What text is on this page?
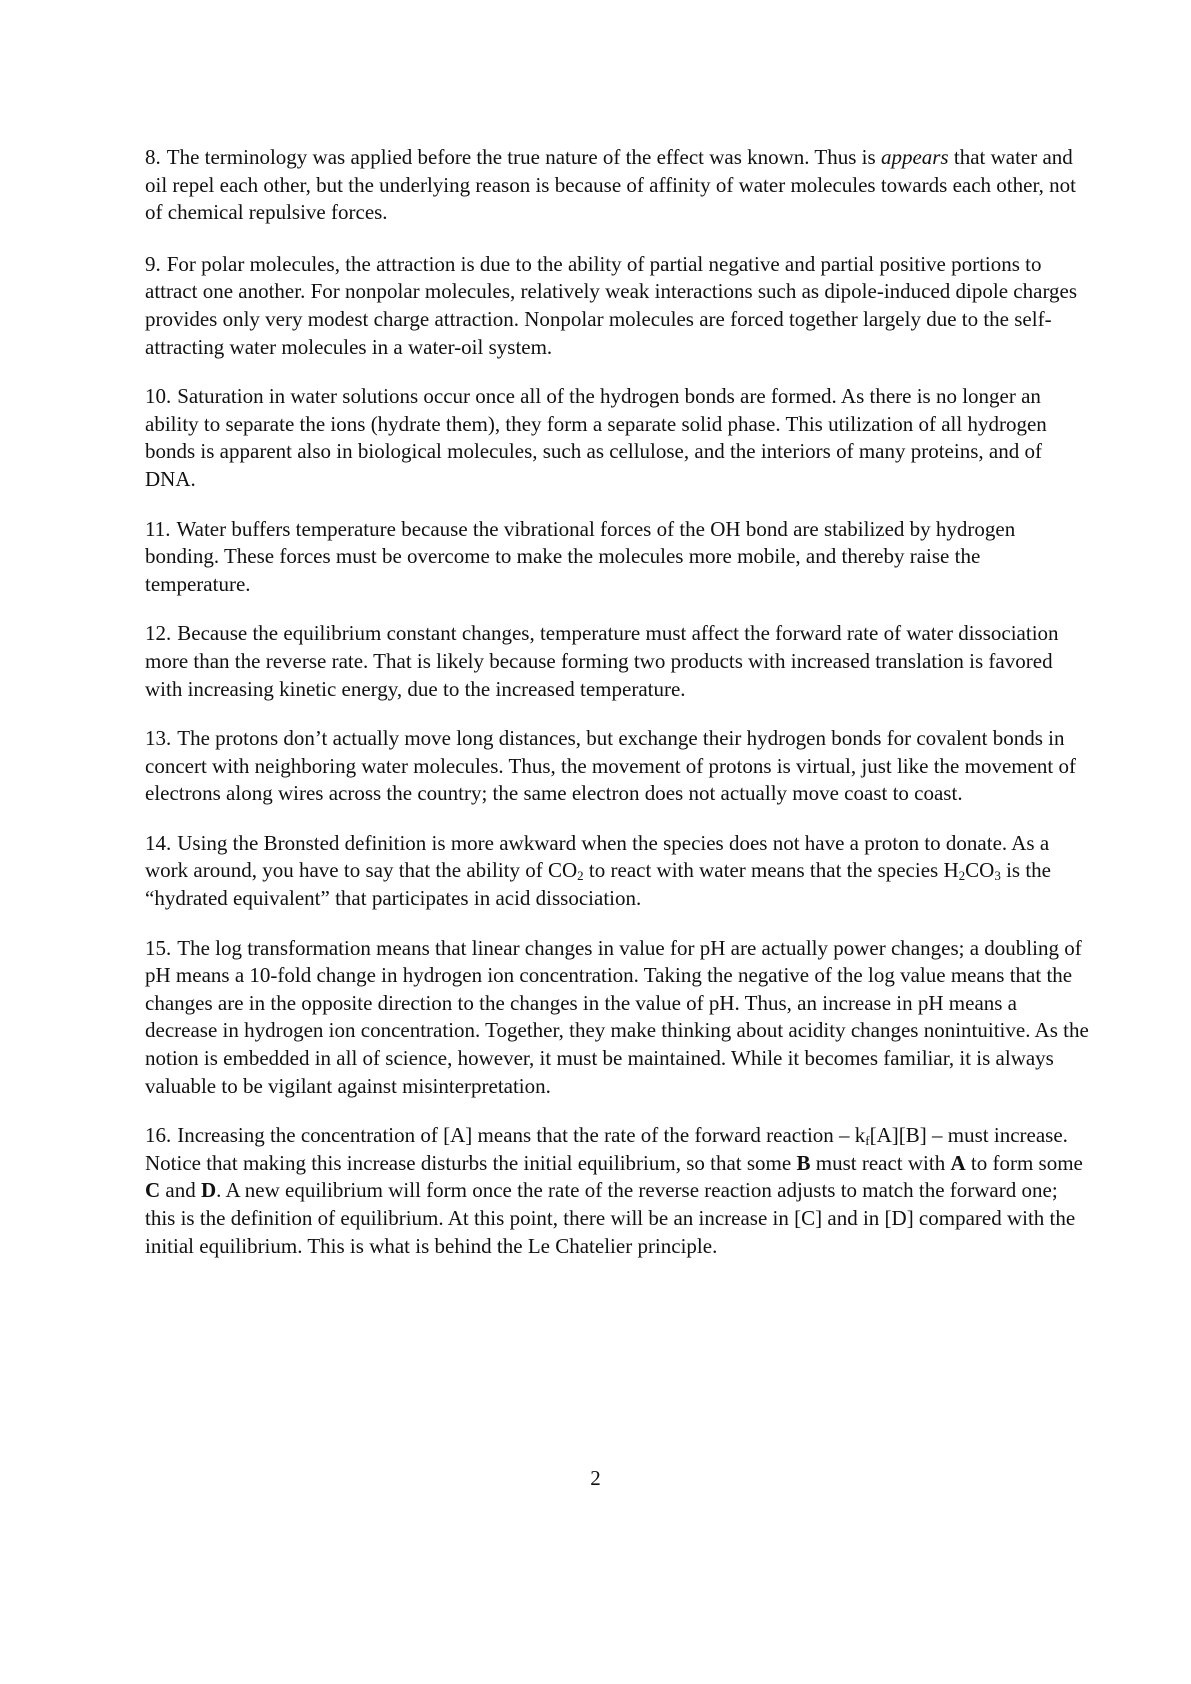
8. The terminology was applied before the true nature of the effect was known. Thus is appears that water and oil repel each other, but the underlying reason is because of affinity of water molecules towards each other, not of chemical repulsive forces.

9. For polar molecules, the attraction is due to the ability of partial negative and partial positive portions to attract one another. For nonpolar molecules, relatively weak interactions such as dipole-induced dipole charges provides only very modest charge attraction. Nonpolar molecules are forced together largely due to the self-attracting water molecules in a water-oil system.

10. Saturation in water solutions occur once all of the hydrogen bonds are formed. As there is no longer an ability to separate the ions (hydrate them), they form a separate solid phase. This utilization of all hydrogen bonds is apparent also in biological molecules, such as cellulose, and the interiors of many proteins, and of DNA.

11. Water buffers temperature because the vibrational forces of the OH bond are stabilized by hydrogen bonding. These forces must be overcome to make the molecules more mobile, and thereby raise the temperature.

12. Because the equilibrium constant changes, temperature must affect the forward rate of water dissociation more than the reverse rate. That is likely because forming two products with increased translation is favored with increasing kinetic energy, due to the increased temperature.

13. The protons don’t actually move long distances, but exchange their hydrogen bonds for covalent bonds in concert with neighboring water molecules. Thus, the movement of protons is virtual, just like the movement of electrons along wires across the country; the same electron does not actually move coast to coast.

14. Using the Bronsted definition is more awkward when the species does not have a proton to donate. As a work around, you have to say that the ability of $CO_2$ to react with water means that the species $H_2CO_3$ is the “hydrated equivalent” that participates in acid dissociation.

15. The log transformation means that linear changes in value for pH are actually power changes; a doubling of pH means a 10-fold change in hydrogen ion concentration. Taking the negative of the log value means that the changes are in the opposite direction to the changes in the value of pH. Thus, an increase in pH means a decrease in hydrogen ion concentration. Together, they make thinking about acidity changes nonintuitive. As the notion is embedded in all of science, however, it must be maintained. While it becomes familiar, it is always valuable to be vigilant against misinterpretation.

16. Increasing the concentration of [A] means that the rate of the forward reaction – $k_f[A][B]$ – must increase. Notice that making this increase disturbs the initial equilibrium, so that some B must react with A to form some C and D. A new equilibrium will form once the rate of the reverse reaction adjusts to match the forward one; this is the definition of equilibrium. At this point, there will be an increase in [C] and in [D] compared with the initial equilibrium. This is what is behind the Le Chatelier principle.

2
